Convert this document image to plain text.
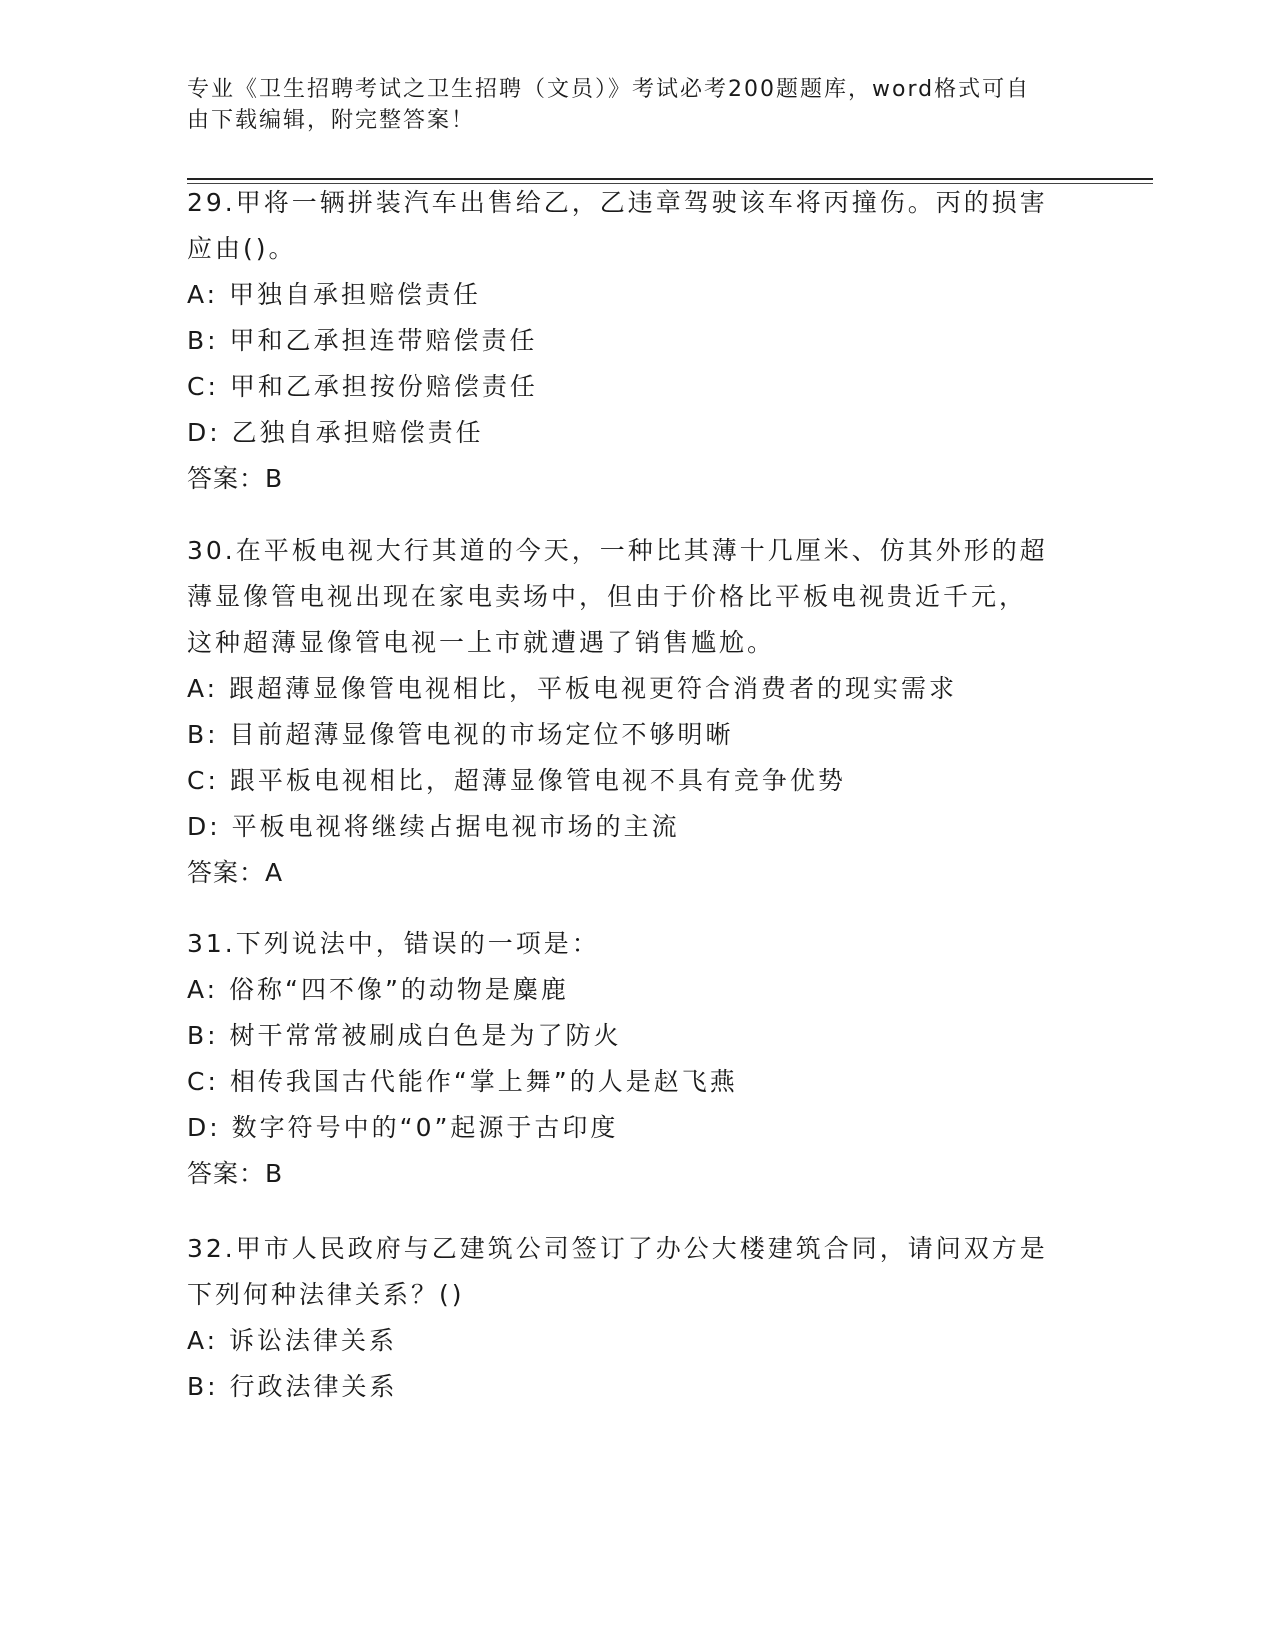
专业《卫生招聘考试之卫生招聘（文员）》考试必考200题题库，word格式可自
由下载编辑，附完整答案！
29.甲将一辆拼装汽车出售给乙，乙违章驾驶该车将丙撞伤。丙的损害
应由()。
A: 甲独自承担赔偿责任
B: 甲和乙承担连带赔偿责任
C: 甲和乙承担按份赔偿责任
D: 乙独自承担赔偿责任
答案：B
30.在平板电视大行其道的今天，一种比其薄十几厘米、仿其外形的超
薄显像管电视出现在家电卖场中，但由于价格比平板电视贵近千元，
这种超薄显像管电视一上市就遭遇了销售尴尬。
A: 跟超薄显像管电视相比，平板电视更符合消费者的现实需求
B: 目前超薄显像管电视的市场定位不够明晰
C: 跟平板电视相比，超薄显像管电视不具有竞争优势
D: 平板电视将继续占据电视市场的主流
答案：A
31.下列说法中，错误的一项是：
A: 俗称“四不像”的动物是麋鹿
B: 树干常常被刷成白色是为了防火
C: 相传我国古代能作“掌上舞”的人是赵飞燕
D: 数字符号中的“0”起源于古印度
答案：B
32.甲市人民政府与乙建筑公司签订了办公大楼建筑合同，请问双方是
下列何种法律关系？()
A: 诉讼法律关系
B: 行政法律关系
